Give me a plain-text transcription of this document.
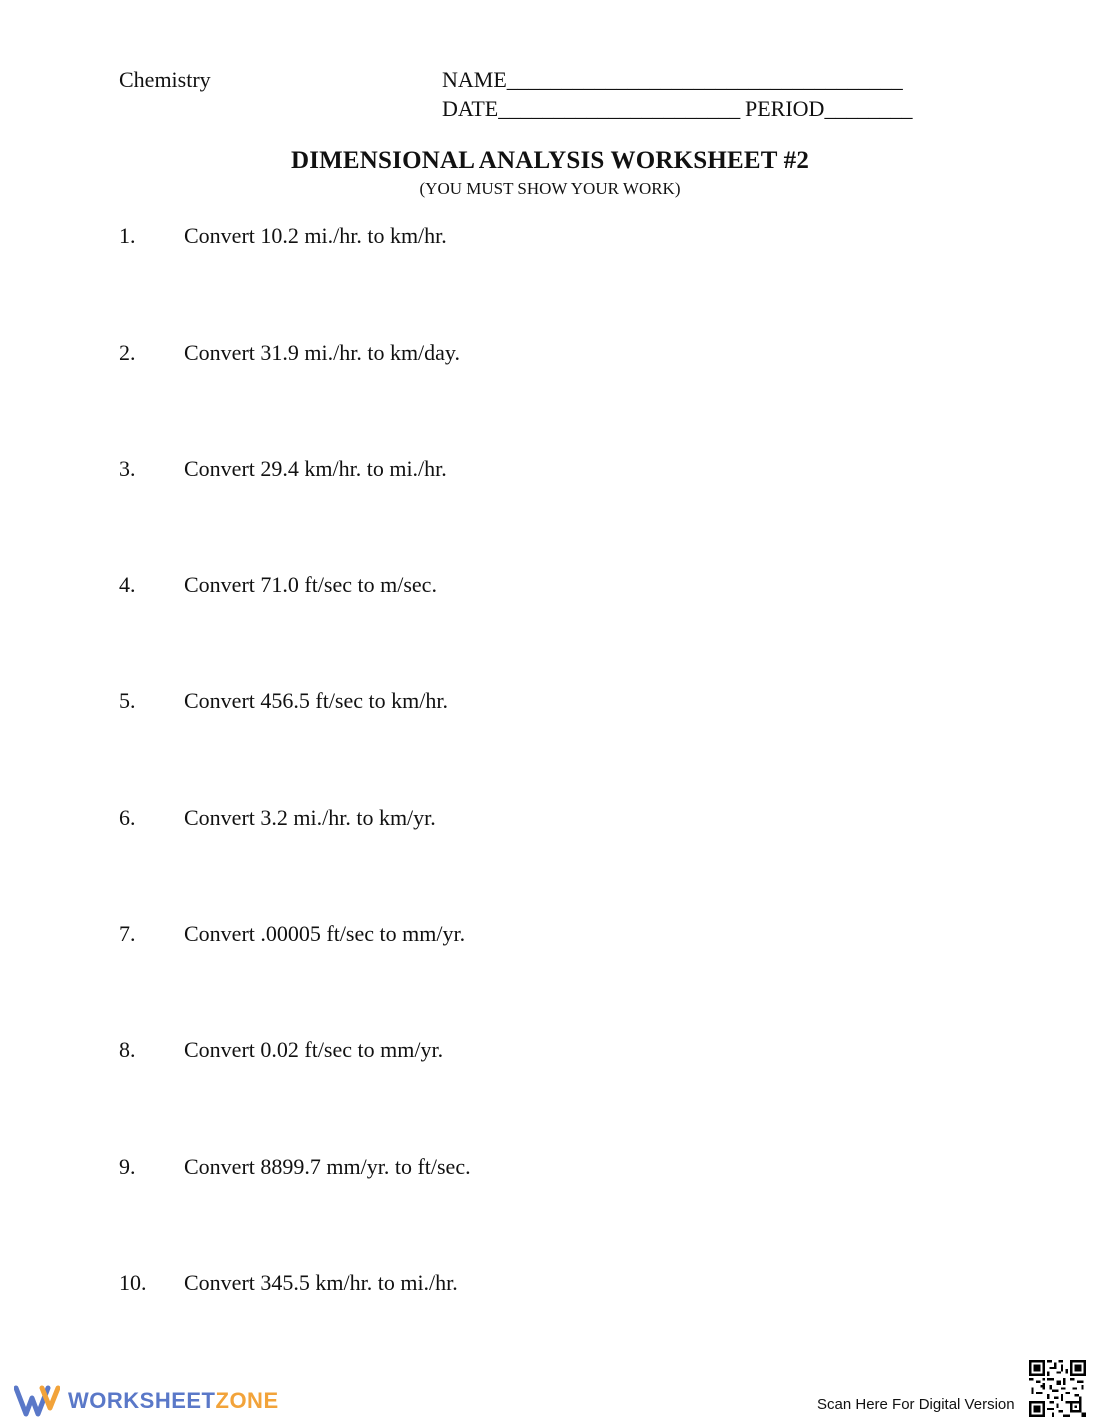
Chemistry	NAME____________________________________
DATE______________________ PERIOD________
DIMENSIONAL ANALYSIS WORKSHEET #2
(YOU MUST SHOW YOUR WORK)
1. Convert 10.2 mi./hr. to km/hr.
2. Convert 31.9 mi./hr. to km/day.
3. Convert 29.4 km/hr. to mi./hr.
4. Convert 71.0 ft/sec to m/sec.
5. Convert 456.5 ft/sec to km/hr.
6. Convert 3.2 mi./hr. to km/yr.
7. Convert .00005 ft/sec to mm/yr.
8. Convert 0.02 ft/sec to mm/yr.
9. Convert 8899.7 mm/yr. to ft/sec.
10. Convert 345.5 km/hr. to mi./hr.
WORKSHEETZONE	Scan Here For Digital Version
